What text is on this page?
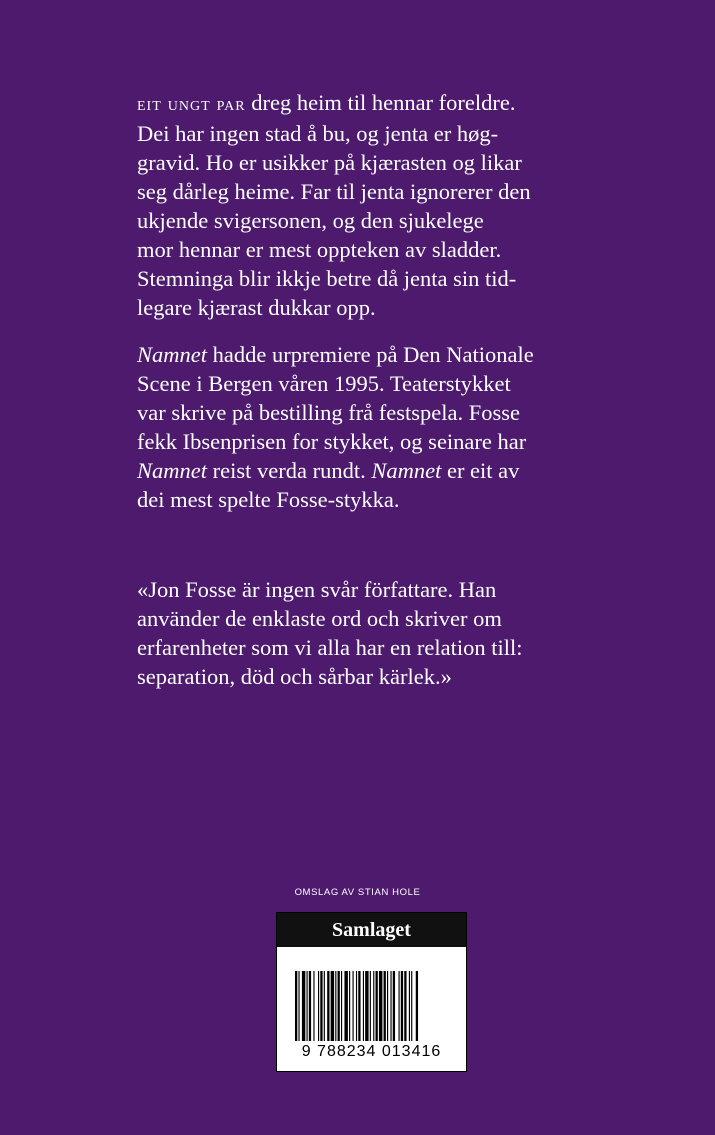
eit ungt par dreg heim til hennar foreldre.
Dei har ingen stad å bu, og jenta er høg-
gravid. Ho er usikker på kjærasten og likar
seg dårleg heime. Far til jenta ignorerer den
ukjende svigersonen, og den sjukelege
mor hennar er mest oppteken av sladder.
Stemninga blir ikkje betre då jenta sin tid-
legare kjærast dukkar opp.
Namnet hadde urpremiere på Den Nationale
Scene i Bergen våren 1995. Teaterstykket
var skrive på bestilling frå festspela. Fosse
fekk Ibsenprisen for stykket, og seinare har
Namnet reist verda rundt. Namnet er eit av
dei mest spelte Fosse-stykka.
«Jon Fosse är ingen svår författare. Han
använder de enklaste ord och skriver om
erfarenheter som vi alla har en relation till:
separation, död och sårbar kärlek.»
OMSLAG AV STIAN HOLE
Samlaget
9 788234 013416
